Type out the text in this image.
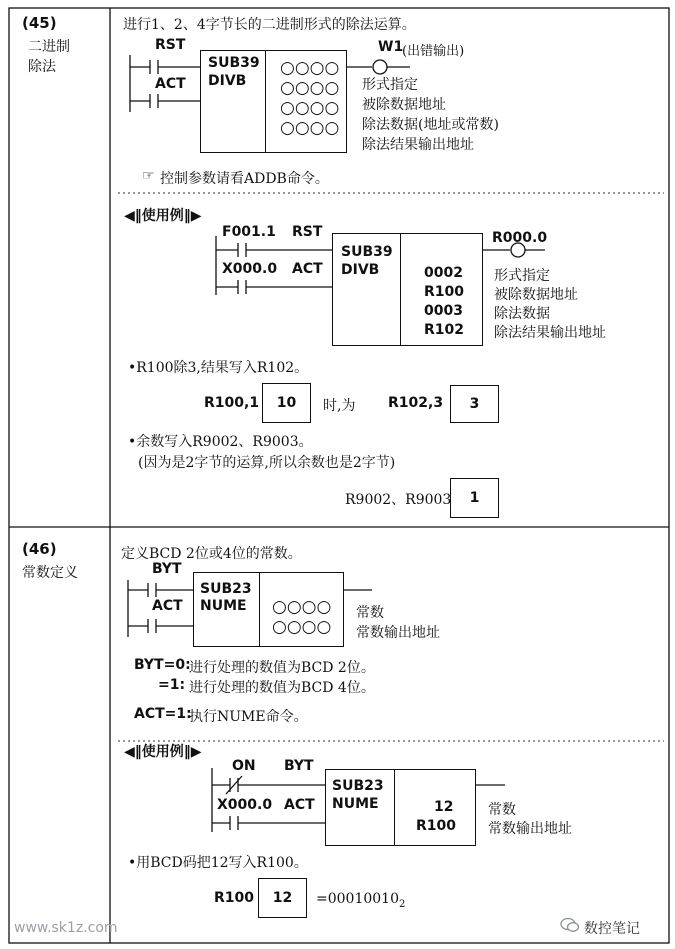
(45)
二进制
除法
进行1、2、4字节长的二进制形式的除法运算。
RST
ACT
W1
(出错输出)
SUB39
DIVB
○○○○
○○○○
○○○○
○○○○
形式指定
被除数据地址
除法数据(地址或常数)
除法结果输出地址
☞ 控制参数请看ADDB命令。
◀‖使用例‖▶
F001.1 RST
X000.0 ACT
SUB39
DIVB	0002
R100
0003
R102
R000.0
形式指定
被除数据地址
除法数据
除法结果输出地址
•R100除3,结果写入R102。
R100,1	10	时,为 R102,3	3
•余数写入R9002、R9003。
(因为是2字节的运算,所以余数也是2字节)
R9002、R9003	1
(46)
常数定义
定义BCD 2位或4位的常数。
BYT
ACT
SUB23
NUME ○○○○
○○○○
常数
常数输出地址
BYT=0:
进行处理的数值为BCD 2位。
=1: 进行处理的数值为BCD 4位。
ACT=1:
执行NUME命令。
◀‖使用例‖▶
ON BYT
X000.0 ACT
SUB23
NUME	12
R100
常数
常数输出地址
•用BCD码把12写入R100。
R100	12	$=00010010_2$
www.sk1z.com	数控笔记
